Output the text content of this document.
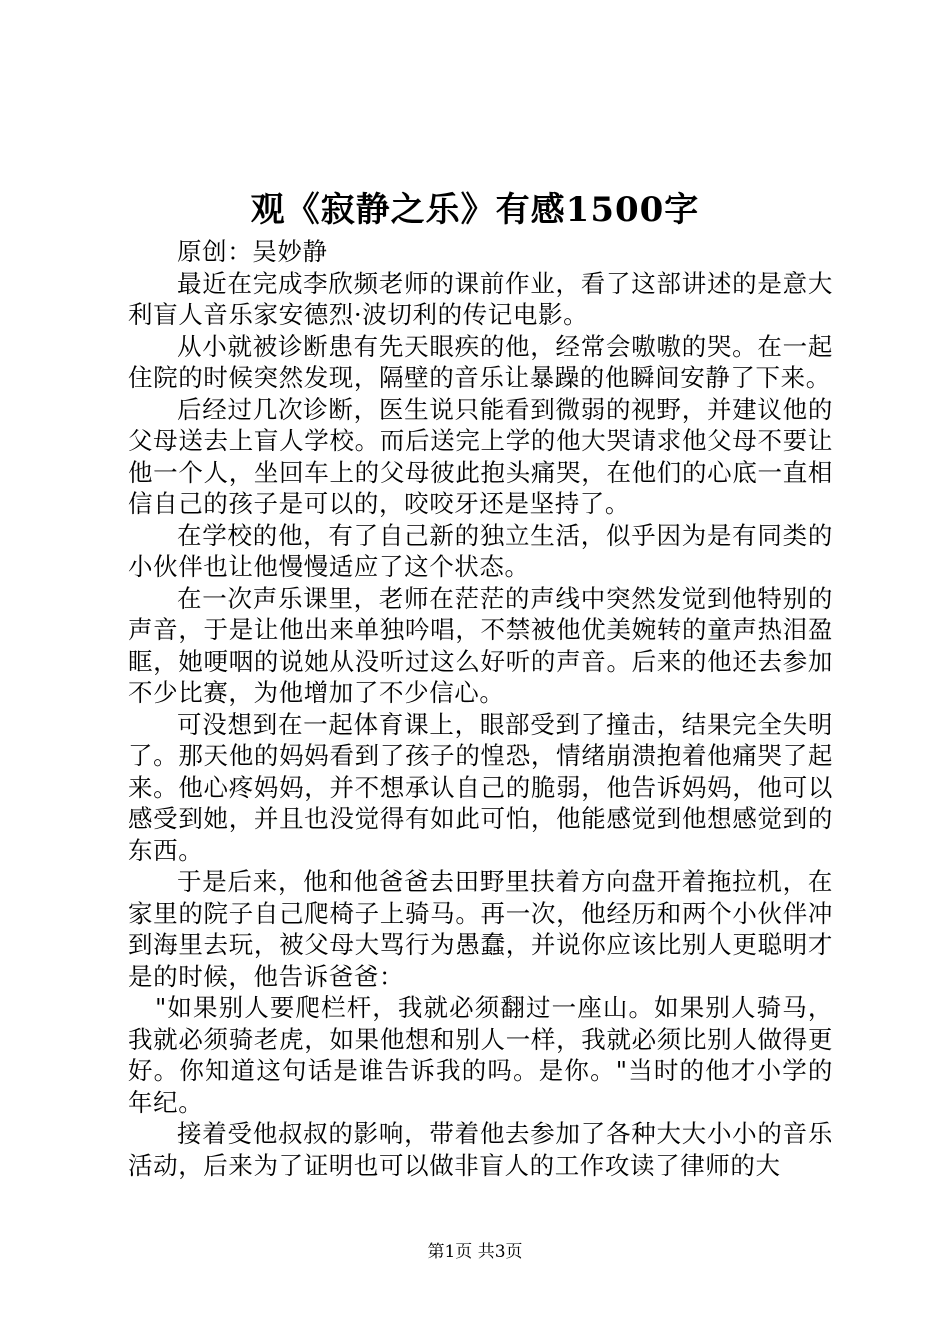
观《寂静之乐》有感1500字

原创：吴妙静

最近在完成李欣频老师的课前作业，看了这部讲述的是意大利盲人音乐家安德烈·波切利的传记电影。

从小就被诊断患有先天眼疾的他，经常会嗷嗷的哭。在一起住院的时候突然发现，隔壁的音乐让暴躁的他瞬间安静了下来。

后经过几次诊断，医生说只能看到微弱的视野，并建议他的父母送去上盲人学校。而后送完上学的他大哭请求他父母不要让他一个人，坐回车上的父母彼此抱头痛哭，在他们的心底一直相信自己的孩子是可以的，咬咬牙还是坚持了。

在学校的他，有了自己新的独立生活，似乎因为是有同类的小伙伴也让他慢慢适应了这个状态。

在一次声乐课里，老师在茫茫的声线中突然发觉到他特别的声音，于是让他出来单独吟唱，不禁被他优美婉转的童声热泪盈眶，她哽咽的说她从没听过这么好听的声音。后来的他还去参加不少比赛，为他增加了不少信心。

可没想到在一起体育课上，眼部受到了撞击，结果完全失明了。那天他的妈妈看到了孩子的惶恐，情绪崩溃抱着他痛哭了起来。他心疼妈妈，并不想承认自己的脆弱，他告诉妈妈，他可以感受到她，并且也没觉得有如此可怕，他能感觉到他想感觉到的东西。

于是后来，他和他爸爸去田野里扶着方向盘开着拖拉机，在家里的院子自己爬椅子上骑马。再一次，他经历和两个小伙伴冲到海里去玩，被父母大骂行为愚蠢，并说你应该比别人更聪明才是的时候，他告诉爸爸：

"如果别人要爬栏杆，我就必须翻过一座山。如果别人骑马，我就必须骑老虎，如果他想和别人一样，我就必须比别人做得更好。你知道这句话是谁告诉我的吗。是你。"当时的他才小学的年纪。

接着受他叔叔的影响，带着他去参加了各种大大小小的音乐活动，后来为了证明也可以做非盲人的工作攻读了律师的大

第1页 共3页
